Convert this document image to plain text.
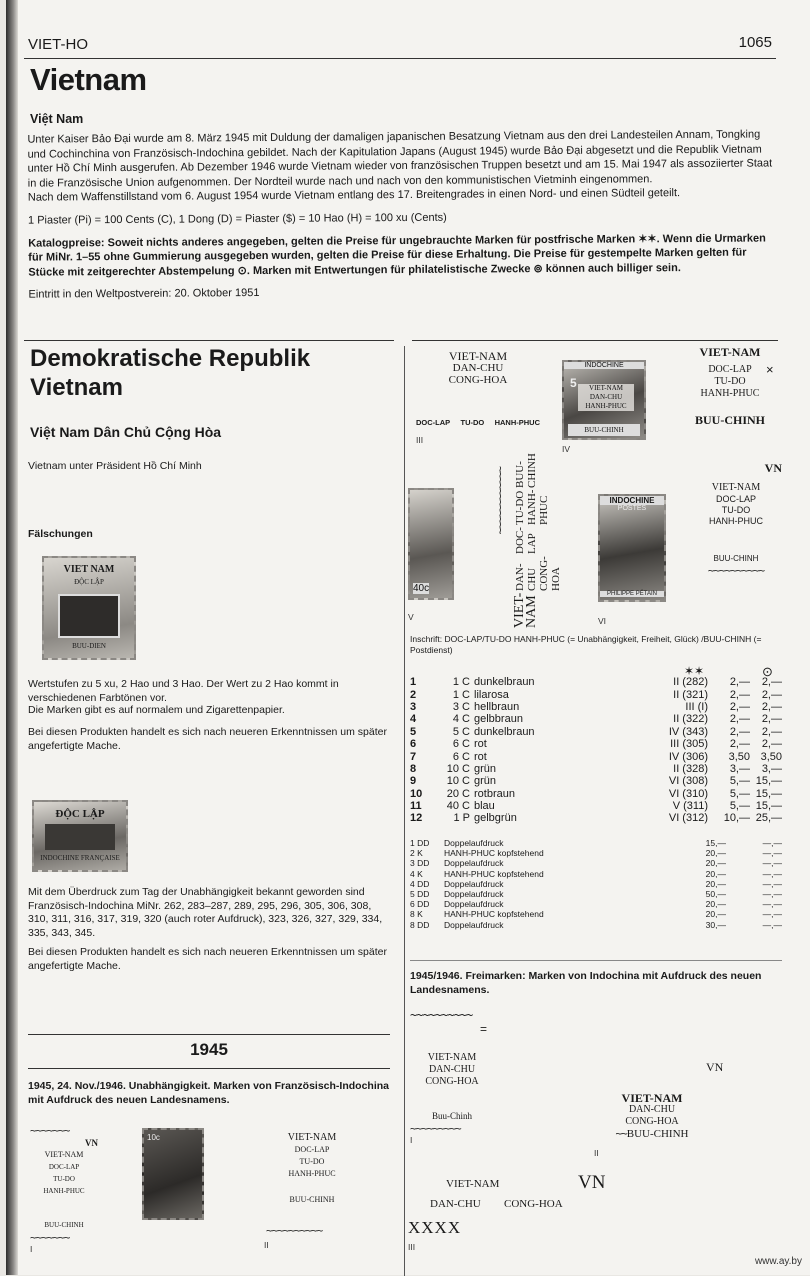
VIET-HO	1065
Vietnam
Việt Nam

Unter Kaiser Bảo Đại wurde am 8. März 1945 mit Duldung der damaligen japanischen Besatzung Vietnam aus den drei Landesteilen Annam, Tongking und Cochinchina von Französisch-Indochina gebildet. Nach der Kapitulation Japans (August 1945) wurde Bảo Đại abgesetzt und die Republik Vietnam unter Hồ Chí Minh ausgerufen. Ab Dezember 1946 wurde Vietnam wieder von französischen Truppen besetzt und am 15. Mai 1947 als assoziierter Staat in die Französische Union aufgenommen. Der Nordteil wurde nach und nach von den kommunistischen Vietminh eingenommen.

Nach dem Waffenstillstand vom 6. August 1954 wurde Vietnam entlang des 17. Breitengrades in einen Nord- und einen Südteil geteilt.

1 Piaster (Pi) = 100 Cents (C), 1 Dong (D) = Piaster ($) = 10 Hao (H) = 100 xu (Cents)

Katalogpreise: Soweit nichts anderes angegeben, gelten die Preise für ungebrauchte Marken für postfrische Marken ✶✶. Wenn die Urmarken für MiNr. 1–55 ohne Gummierung ausgegeben wurden, gelten die Preise für diese Erhaltung. Die Preise für gestempelte Marken gelten für Stücke mit zeitgerechter Abstempelung ⊙. Marken mit Entwertungen für philatelistische Zwecke ⊚ können auch billiger sein.

Eintritt in den Weltpostverein: 20. Oktober 1951

Demokratische Republik
Vietnam
Việt Nam Dân Chủ Cộng Hòa
Vietnam unter Präsident Hồ Chí Minh
Fälschungen
VIET NAM
ĐỘC LẬP
BUU-DIEN
Wertstufen zu 5 xu, 2 Hao und 3 Hao. Der Wert zu 2 Hao kommt in verschiedenen Farbtönen vor.
Die Marken gibt es auf normalem und Zigarettenpapier.
Bei diesen Produkten handelt es sich nach neueren Erkenntnissen um später angefertigte Mache.
ĐỘC LẬP
INDOCHINE FRANÇAISE
Mit dem Überdruck zum Tag der Unabhängigkeit bekannt geworden sind Französisch-Indochina MiNr. 262, 283–287, 289, 295, 296, 305, 306, 308, 310, 311, 316, 317, 319, 320 (auch roter Aufdruck), 323, 326, 327, 329, 334, 335, 343, 345.
Bei diesen Produkten handelt es sich nach neueren Erkenntnissen um später angefertigte Mache.
1945
1945, 24. Nov./1946. Unabhängigkeit. Marken von Französisch-Indochina mit Aufdruck des neuen Landesnamens.
~~~~~~~
VN
VIET-NAM
DOC-LAP
TU-DO
HANH-PHUC
BUU-CHINH
~~~~~~~
I
10c	VIET-NAM
DOC-LAP
TU-DO
HANH-PHUC
BUU-CHINH
~~~~~~~~~~
II
VIET-NAM
DAN-CHU
CONG-HOA
DOC-LAP TU-DO HANH-PHUC
III
INDOCHINE
5	VIET-NAM
DAN-CHU
HANH-PHUC
BUU-CHINH
IV
VIET-NAM
DOC-LAP
TU-DO
HANH-PHUC
BUU-CHINH
×
40c
V
~~~~~~~~~~~~
VIET-NAM
DAN-CHU CONG-HOA
DOC-LAP
TU-DO HANH-PHUC
BUU-CHINH
INDOCHINE
POSTES
PHILIPPE PÉTAIN
VI
VN
VIET-NAM
DOC-LAP
TU-DO
HANH-PHUC
BUU-CHINH
~~~~~~~~~~
Inschrift: DOC-LAP/TU-DO HANH-PHUC (= Unabhängigkeit, Freiheit, Glück) /BUU-CHINH (= Postdienst)
✶✶	⊙
1	1 C	dunkelbraun	II (282)	2,—	2,—
2	1 C	lilarosa	II (321)	2,—	2,—
3	3 C	hellbraun	III (I)	2,—	2,—
4	4 C	gelbbraun	II (322)	2,—	2,—
5	5 C	dunkelbraun	IV (343)	2,—	2,—
6	6 C	rot	III (305)	2,—	2,—
7	6 C	rot	IV (306)	3,50	3,50
8	10 C	grün	II (328)	3,—	3,—
9	10 C	grün	VI (308)	5,—	15,—
10	20 C	rotbraun	VI (310)	5,—	15,—
11	40 C	blau	V (311)	5,—	15,—
12	1 P	gelbgrün	VI (312)	10,—	25,—
1 DD	Doppelaufdruck	15,—	—,—
2 K	HANH-PHUC kopfstehend	20,—	—,—
3 DD	Doppelaufdruck	20,—	—,—
4 K	HANH-PHUC kopfstehend	20,—	—,—
4 DD	Doppelaufdruck	20,—	—,—
5 DD	Doppelaufdruck	50,—	—,—
6 DD	Doppelaufdruck	20,—	—,—
8 K	HANH-PHUC kopfstehend	20,—	—,—
8 DD	Doppelaufdruck	30,—	—,—
1945/1946. Freimarken: Marken von Indochina mit Aufdruck des neuen Landesnamens.
~~~~~~~~~~
=
VIET-NAM
DAN-CHU
CONG-HOA
Buu-Chinh
~~~~~~~~~
I
VN
VIET-NAM
DAN-CHU
CONG-HOA
~~BUU-CHINH
II
VIET-NAM	VN
DAN-CHU CONG-HOA
XXXX
III
www.ay.by
